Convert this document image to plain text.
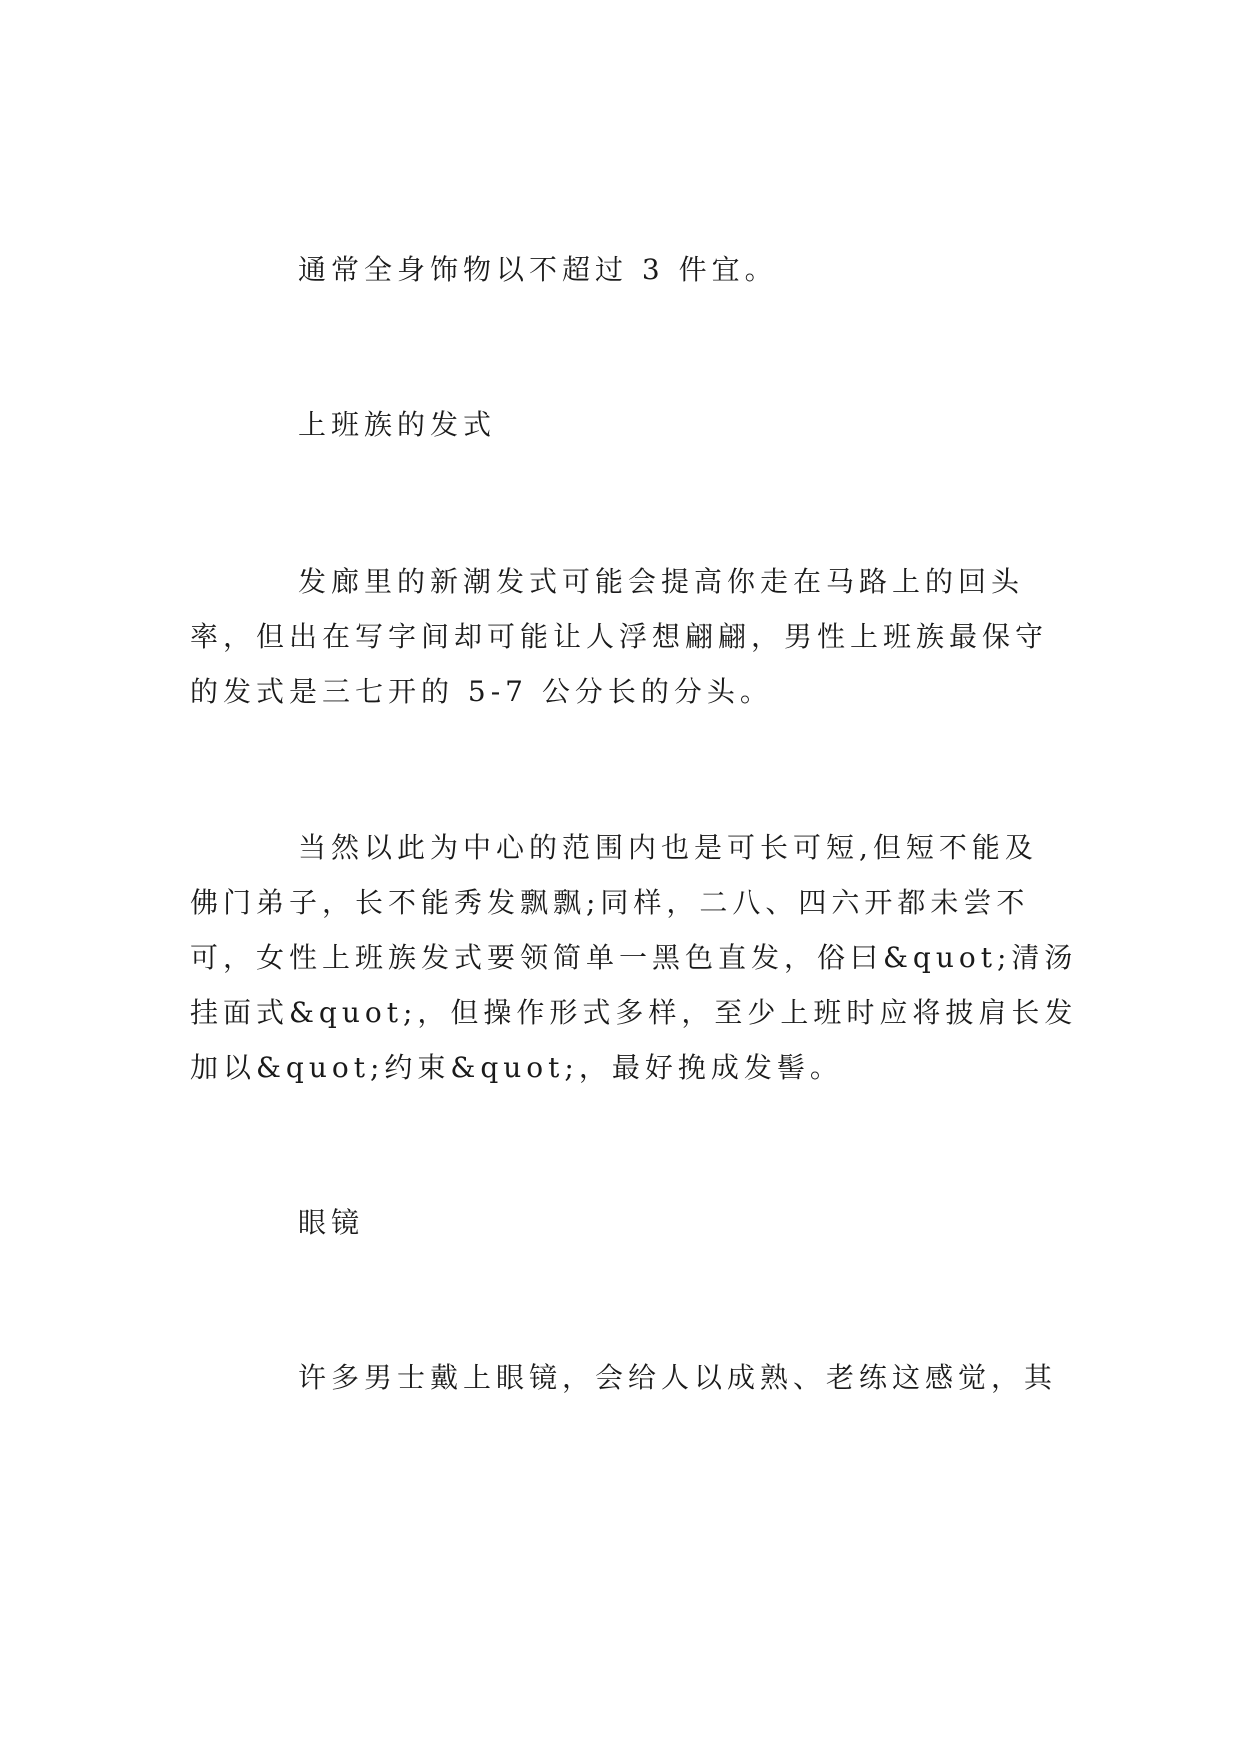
通常全身饰物以不超过 3 件宜。
上班族的发式
发廊里的新潮发式可能会提高你走在马路上的回头
率，但出在写字间却可能让人浮想翩翩，男性上班族最保守
的发式是三七开的 5-7 公分长的分头。
当然以此为中心的范围内也是可长可短,但短不能及
佛门弟子，长不能秀发飘飘;同样，二八、四六开都未尝不
可，女性上班族发式要领简单一黑色直发，俗曰&quot;清汤
挂面式&quot;，但操作形式多样，至少上班时应将披肩长发
加以&quot;约束&quot;，最好挽成发髻。
眼镜
许多男士戴上眼镜，会给人以成熟、老练这感觉，其
